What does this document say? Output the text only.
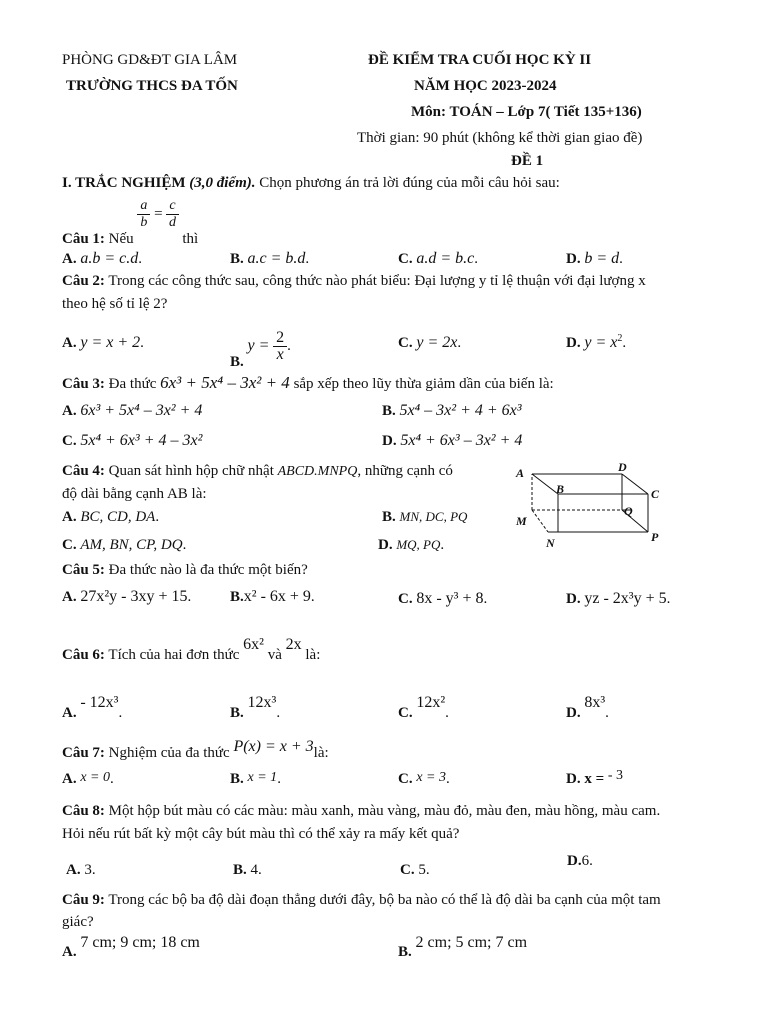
PHÒNG GD&ĐT GIA LÂM	ĐỀ KIỂM TRA CUỐI HỌC KỲ II
TRƯỜNG THCS ĐA TỐN	NĂM HỌC 2023-2024
Môn: TOÁN – Lớp 7( Tiết 135+136)
Thời gian: 90 phút (không kể thời gian giao đề)
ĐỀ 1
I. TRẮC NGHIỆM (3,0 điểm). Chọn phương án trả lời đúng của mỗi câu hỏi sau:
Câu 1: Nếu
$\frac{a}{b} = \frac{c}{d}$
thì
A. a.b = c.d.	B. a.c = b.d.	C. a.d = b.c.	D. b = d.
Câu 2: Trong các công thức sau, công thức nào phát biểu: Đại lượng y tỉ lệ thuận với đại lượng x
theo hệ số tỉ lệ 2?
A. y = x + 2.
B. $y = \frac{2}{x}$ .	C. y = 2x.	D. $y = x^2$.
Câu 3: Đa thức 6x³ + 5x⁴ – 3x² + 4 sắp xếp theo lũy thừa giảm dần của biến là:
A. 6x³ + 5x⁴ – 3x² + 4	B. 5x⁴ – 3x² + 4 + 6x³
C. 5x⁴ + 6x³ + 4 – 3x²	D. 5x⁴ + 6x³ – 3x² + 4
Câu 4: Quan sát hình hộp chữ nhật ABCD.MNPQ, những cạnh có
độ dài bằng cạnh AB là:
A. BC, CD, DA.	B. MN, DC, PQ
C. AM, BN, CP, DQ.	D. MQ, PQ.
A	D
B	C
M
Q
N	P
Câu 5: Đa thức nào là đa thức một biến?
A. 27x²y - 3xy + 15.	B.x² - 6x + 9.	C. 8x - y³ + 8.	D. yz - 2x³y + 5.
Câu 6: Tích của hai đơn thức 6x² và 2x là:
A. - 12x³.	B. 12x³.	C. 12x².	D. 8x³.
Câu 7: Nghiệm của đa thức P(x) = x + 3là:
A. x = 0.	B. x = 1.	C. x = 3.	D. x = - 3
Câu 8: Một hộp bút màu có các màu: màu xanh, màu vàng, màu đỏ, màu đen, màu hồng, màu cam.
Hỏi nếu rút bất kỳ một cây bút màu thì có thể xảy ra mấy kết quả?
A. 3.	B. 4.	C. 5.
D.6.
Câu 9: Trong các bộ ba độ dài đoạn thẳng dưới đây, bộ ba nào có thể là độ dài ba cạnh của một tam
giác?
A. 7 cm; 9 cm; 18 cm
B. 2 cm; 5 cm; 7 cm
